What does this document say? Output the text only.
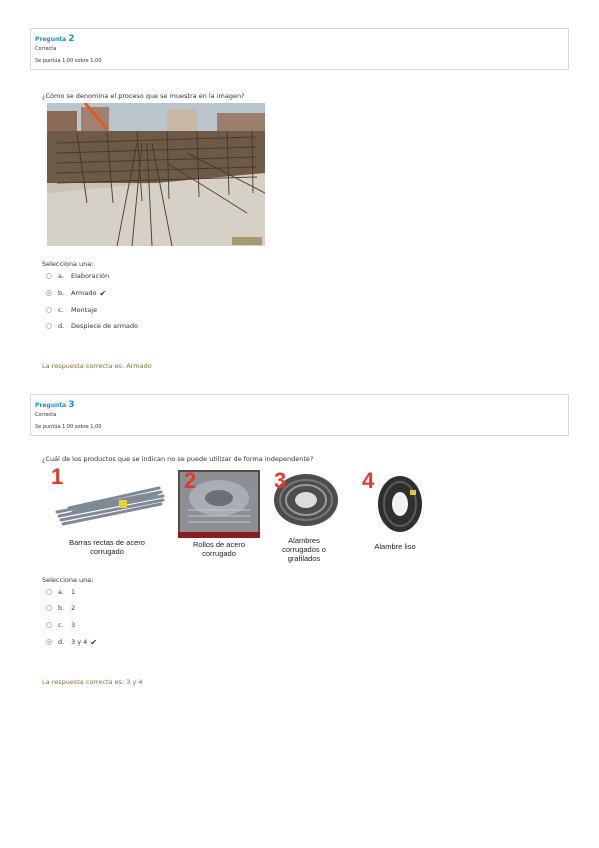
Pregunta 2
Correcta
Se puntúa 1,00 sobre 1,00
¿Cómo se denomina el proceso que se muestra en la imagen?
Selecciona una:
a.	Elaboración
b.	Armado ✔
c.	Montaje
d.	Despiece de armado
La respuesta correcta es: Armado
Pregunta 3
Correcta
Se puntúa 1,00 sobre 1,00
¿Cuál de los productos que se indican no se puede utilizar de forma independente?
1
Barras rectas de acero
corrugado
2
Rollos de acero
corrugado
3
Alambres
corrugados o
grafilados
4
Alambre liso
Selecciona una:
a.	1
b.	2
c.	3
d.	3 y 4 ✔
La respuesta correcta es: 3 y 4
